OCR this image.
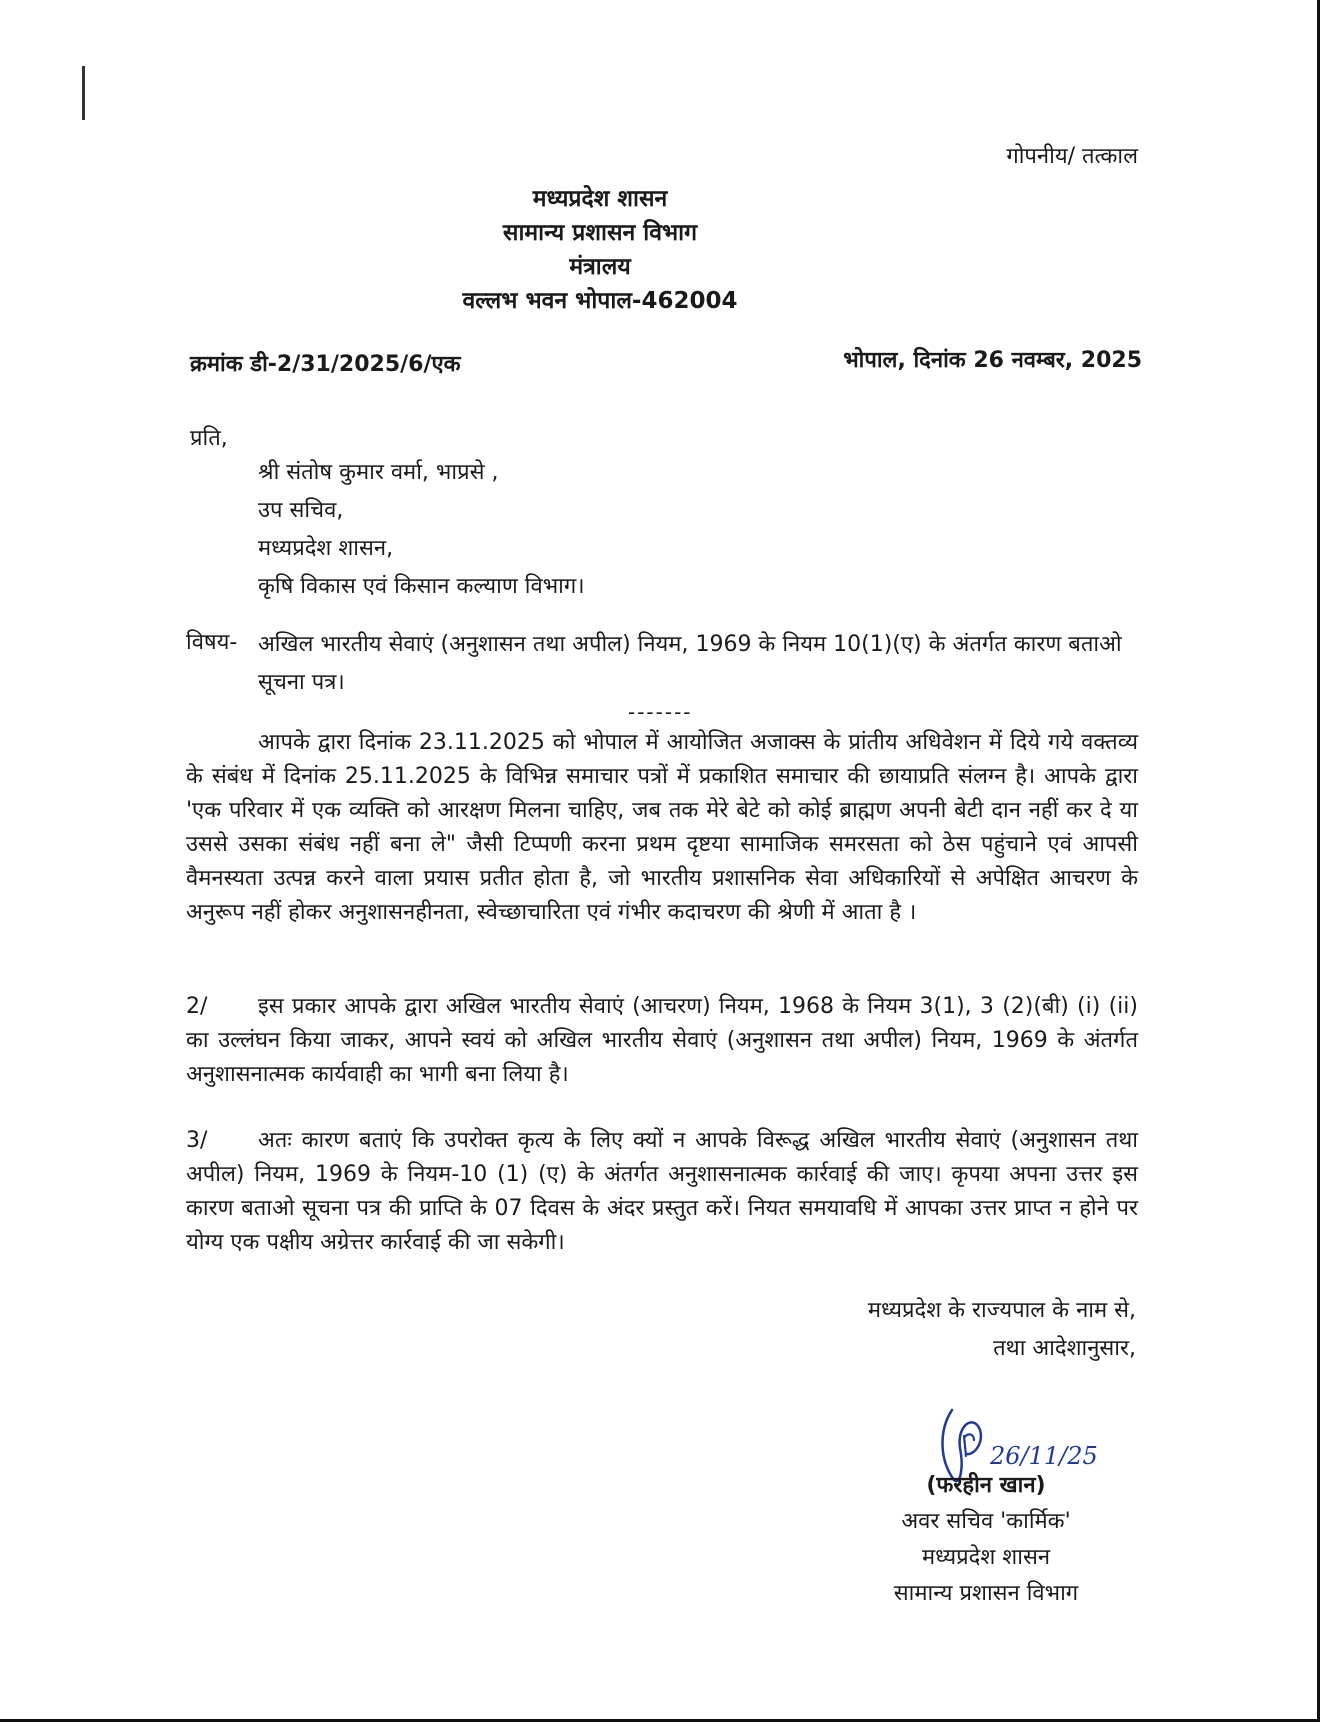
गोपनीय/ तत्काल
मध्यप्रदेश शासन
सामान्य प्रशासन विभाग
मंत्रालय
वल्लभ भवन भोपाल-462004
क्रमांक डी-2/31/2025/6/एक	भोपाल, दिनांक 26 नवम्बर, 2025
प्रति,
श्री संतोष कुमार वर्मा, भाप्रसे ,
उप सचिव,
मध्यप्रदेश शासन,
कृषि विकास एवं किसान कल्याण विभाग।
विषय- अखिल भारतीय सेवाएं (अनुशासन तथा अपील) नियम, 1969 के नियम 10(1)(ए) के अंतर्गत कारण बताओ सूचना पत्र।
-------
आपके द्वारा दिनांक 23.11.2025 को भोपाल में आयोजित अजाक्स के प्रांतीय अधिवेशन में दिये गये वक्तव्य के संबंध में दिनांक 25.11.2025 के विभिन्न समाचार पत्रों में प्रकाशित समाचार की छायाप्रति संलग्न है। आपके द्वारा 'एक परिवार में एक व्यक्ति को आरक्षण मिलना चाहिए, जब तक मेरे बेटे को कोई ब्राह्मण अपनी बेटी दान नहीं कर दे या उससे उसका संबंध नहीं बना ले" जैसी टिप्पणी करना प्रथम दृष्टया सामाजिक समरसता को ठेस पहुंचाने एवं आपसी वैमनस्यता उत्पन्न करने वाला प्रयास प्रतीत होता है, जो भारतीय प्रशासनिक सेवा अधिकारियों से अपेक्षित आचरण के अनुरूप नहीं होकर अनुशासनहीनता, स्वेच्छाचारिता एवं गंभीर कदाचरण की श्रेणी में आता है ।
2/ इस प्रकार आपके द्वारा अखिल भारतीय सेवाएं (आचरण) नियम, 1968 के नियम 3(1), 3 (2)(बी) (i) (ii) का उल्लंघन किया जाकर, आपने स्वयं को अखिल भारतीय सेवाएं (अनुशासन तथा अपील) नियम, 1969 के अंतर्गत अनुशासनात्मक कार्यवाही का भागी बना लिया है।
3/ अतः कारण बताएं कि उपरोक्त कृत्य के लिए क्यों न आपके विरूद्ध अखिल भारतीय सेवाएं (अनुशासन तथा अपील) नियम, 1969 के नियम-10 (1) (ए) के अंतर्गत अनुशासनात्मक कार्रवाई की जाए। कृपया अपना उत्तर इस कारण बताओ सूचना पत्र की प्राप्ति के 07 दिवस के अंदर प्रस्तुत करें। नियत समयावधि में आपका उत्तर प्राप्त न होने पर योग्य एक पक्षीय अग्रेत्तर कार्रवाई की जा सकेगी।
मध्यप्रदेश के राज्यपाल के नाम से,
तथा आदेशानुसार,
26/11/25
(फरहीन खान)
अवर सचिव 'कार्मिक'
मध्यप्रदेश शासन
सामान्य प्रशासन विभाग
